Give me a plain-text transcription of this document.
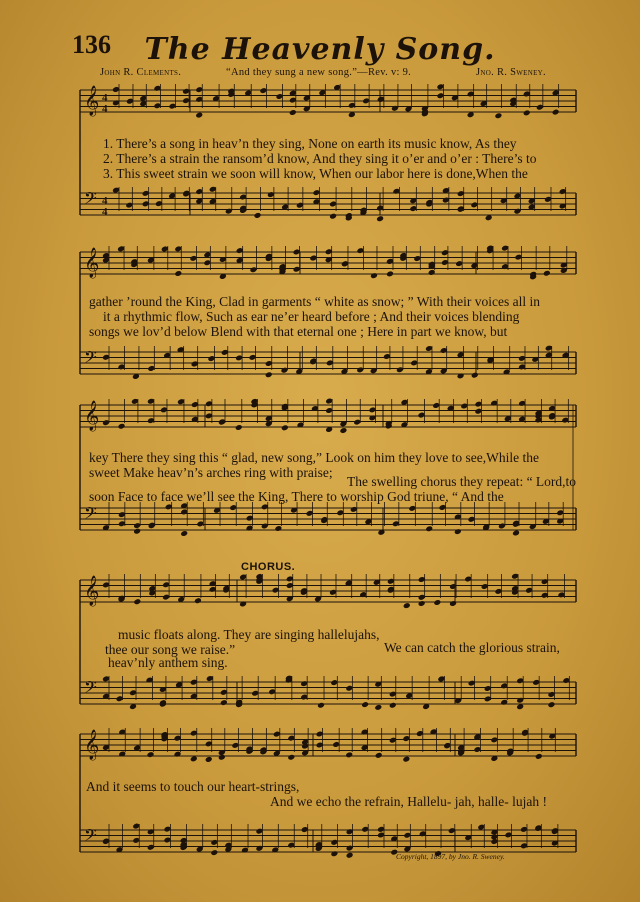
136	The Heavenly Song.
John R. Clements.	“And they sung a new song.”—Rev. v: 9.	Jno. R. Sweney.
𝄞 4
4
𝄢 4
4
𝄞
𝄢
𝄞
𝄢
𝄞
𝄢
𝄞
𝄢
1. There’s a song in heav’n they sing, None on earth its music know, As they
2. There’s a strain the ransom’d know, And they sing it o’er and o’er : There’s to
3. This sweet strain we soon will know, When our labor here is done,When the
gather ’round the King, Clad in garments “ white as snow; ” With their voices all in
it a rhythmic flow, Such as ear ne’er heard before ; And their voices blending
songs we lov’d below Blend with that eternal one ; Here in part we know, but
key There they sing this “ glad, new song,” Look on him they love to see,While the
sweet Make heav’n’s arches ring with praise;
The swelling chorus they repeat: “ Lord,to
soon Face to face we’ll see the King, There to worship God triune, “ And the
CHORUS.
music floats along. They are singing hallelujahs,
thee our song we raise.”	We can catch the glorious strain,
heav’nly anthem sing.
And it seems to touch our heart-strings,
And we echo the refrain, Hallelu- jah, halle- lujah !
Copyright, 1897, by Jno. R. Sweney.
